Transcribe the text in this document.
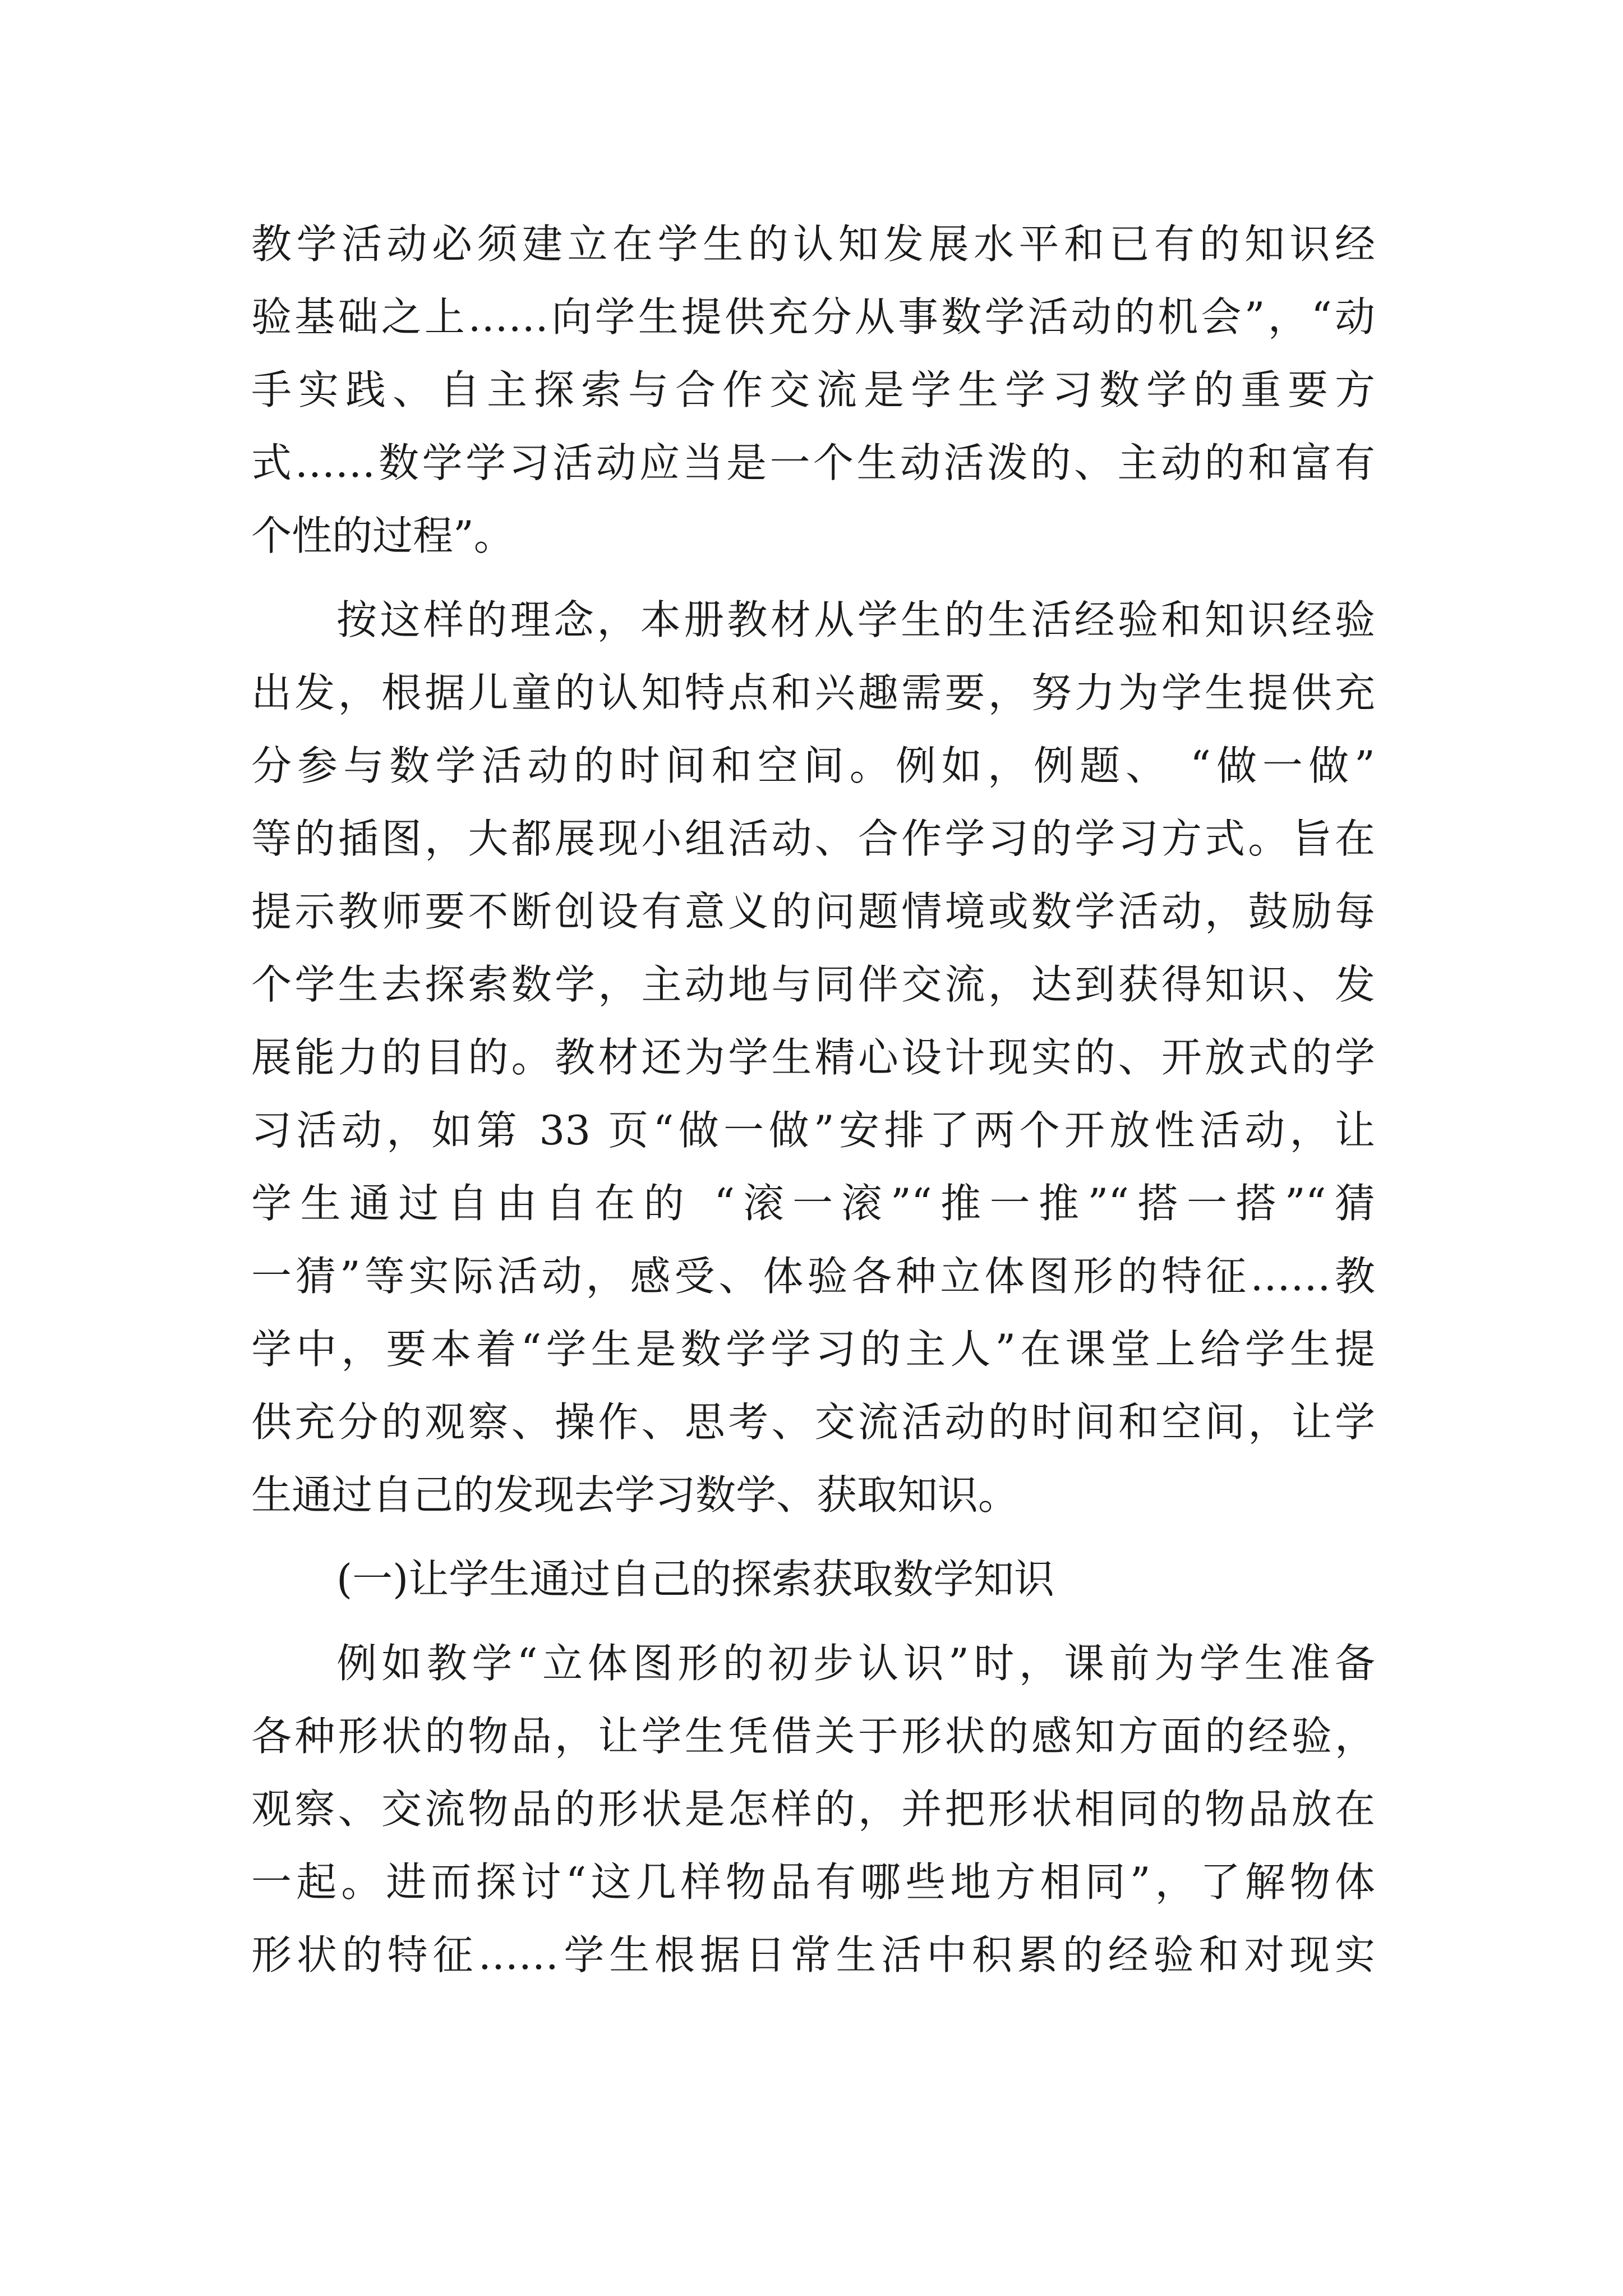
教学活动必须建立在学生的认知发展水平和已有的知识经
验基础之上……向学生提供充分从事数学活动的机会”，“动
手实践、自主探索与合作交流是学生学习数学的重要方
式……数学学习活动应当是一个生动活泼的、主动的和富有
个性的过程”。
按这样的理念，本册教材从学生的生活经验和知识经验
出发，根据儿童的认知特点和兴趣需要，努力为学生提供充
分参与数学活动的时间和空间。例如，例题、 “做一做”
等的插图，大都展现小组活动、合作学习的学习方式。旨在
提示教师要不断创设有意义的问题情境或数学活动，鼓励每
个学生去探索数学，主动地与同伴交流，达到获得知识、发
展能力的目的。教材还为学生精心设计现实的、开放式的学
习活动，如第 33 页“做一做”安排了两个开放性活动，让
学生通过自由自在的 “滚一滚”“推一推”“搭一搭”“猜
一猜”等实际活动，感受、体验各种立体图形的特征……教
学中，要本着“学生是数学学习的主人”在课堂上给学生提
供充分的观察、操作、思考、交流活动的时间和空间，让学
生通过自己的发现去学习数学、获取知识。
(一)让学生通过自己的探索获取数学知识
例如教学“立体图形的初步认识”时，课前为学生准备
各种形状的物品，让学生凭借关于形状的感知方面的经验，
观察、交流物品的形状是怎样的，并把形状相同的物品放在
一起。进而探讨“这几样物品有哪些地方相同”，了解物体
形状的特征……学生根据日常生活中积累的经验和对现实
